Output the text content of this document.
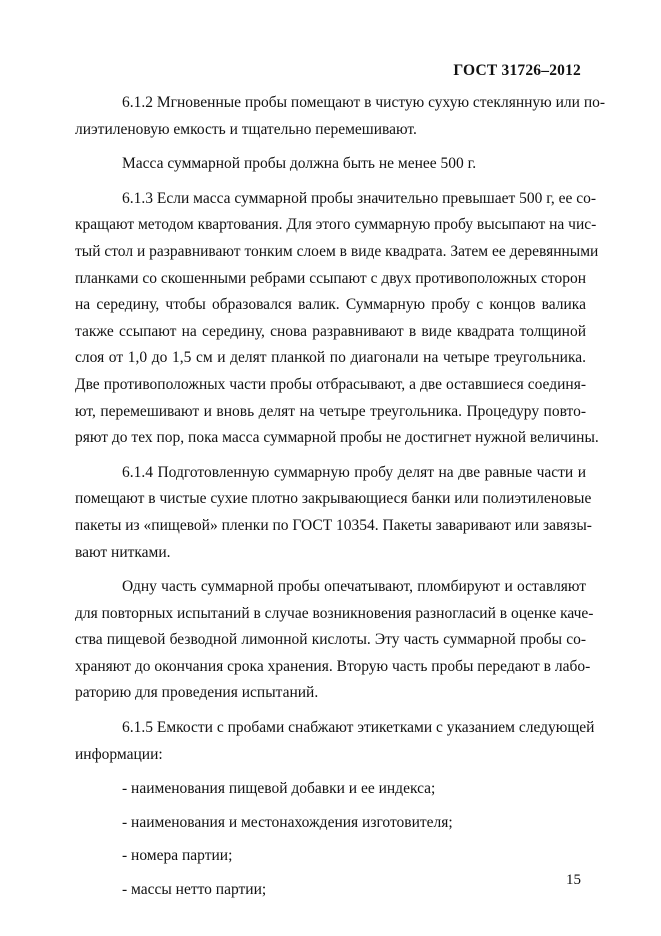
ГОСТ 31726–2012
6.1.2 Мгновенные пробы помещают в чистую сухую стеклянную или по-
лиэтиленовую емкость и тщательно перемешивают.
Масса суммарной пробы должна быть не менее 500 г.
6.1.3 Если масса суммарной пробы значительно превышает 500 г, ее со-
кращают методом квартования. Для этого суммарную пробу высыпают на чис-
тый стол и разравнивают тонким слоем в виде квадрата. Затем ее деревянными
планками со скошенными ребрами ссыпают с двух противоположных сторон
на середину, чтобы образовался валик. Суммарную пробу с концов валика
также ссыпают на середину, снова разравнивают в виде квадрата толщиной
слоя от 1,0 до 1,5 см и делят планкой по диагонали на четыре треугольника.
Две противоположных части пробы отбрасывают, а две оставшиеся соединя-
ют, перемешивают и вновь делят на четыре треугольника. Процедуру повто-
ряют до тех пор, пока масса суммарной пробы не достигнет нужной величины.
6.1.4 Подготовленную суммарную пробу делят на две равные части и
помещают в чистые сухие плотно закрывающиеся банки или полиэтиленовые
пакеты из «пищевой» пленки по ГОСТ 10354. Пакеты заваривают или завязы-
вают нитками.
Одну часть суммарной пробы опечатывают, пломбируют и оставляют
для повторных испытаний в случае возникновения разногласий в оценке каче-
ства пищевой безводной лимонной кислоты. Эту часть суммарной пробы со-
храняют до окончания срока хранения. Вторую часть пробы передают в лабо-
раторию для проведения испытаний.
6.1.5 Емкости с пробами снабжают этикетками с указанием следующей
информации:
- наименования пищевой добавки и ее индекса;
- наименования и местонахождения изготовителя;
- номера партии;
- массы нетто партии;
15
